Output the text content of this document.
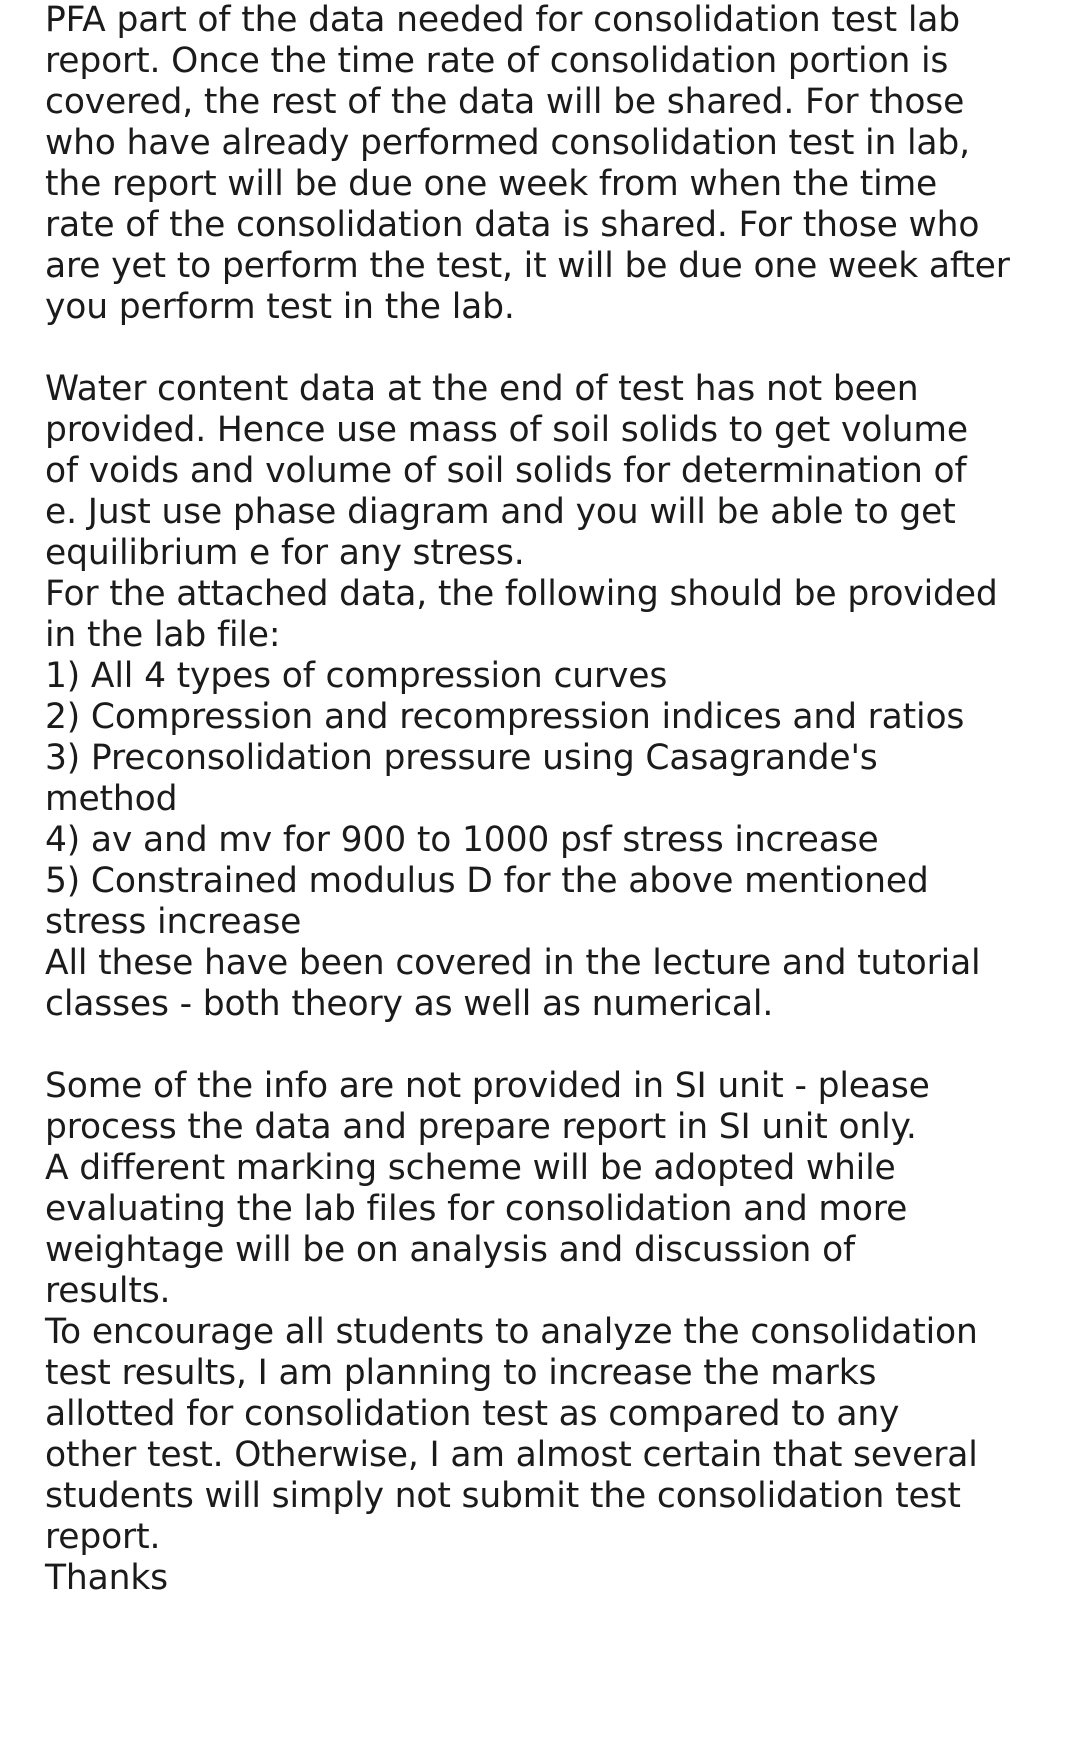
PFA part of the data needed for consolidation test lab

report. Once the time rate of consolidation portion is

covered, the rest of the data will be shared. For those

who have already performed consolidation test in lab,

the report will be due one week from when the time

rate of the consolidation data is shared. For those who

are yet to perform the test, it will be due one week after

you perform test in the lab.

Water content data at the end of test has not been

provided. Hence use mass of soil solids to get volume

of voids and volume of soil solids for determination of

e. Just use phase diagram and you will be able to get

equilibrium e for any stress.

For the attached data, the following should be provided

in the lab file:

1) All 4 types of compression curves

2) Compression and recompression indices and ratios

3) Preconsolidation pressure using Casagrande's

method

4) av and mv for 900 to 1000 psf stress increase

5) Constrained modulus D for the above mentioned

stress increase

All these have been covered in the lecture and tutorial

classes - both theory as well as numerical.

Some of the info are not provided in SI unit - please

process the data and prepare report in SI unit only.

A different marking scheme will be adopted while

evaluating the lab files for consolidation and more

weightage will be on analysis and discussion of

results.

To encourage all students to analyze the consolidation

test results, I am planning to increase the marks

allotted for consolidation test as compared to any

other test. Otherwise, I am almost certain that several

students will simply not submit the consolidation test

report.

Thanks
